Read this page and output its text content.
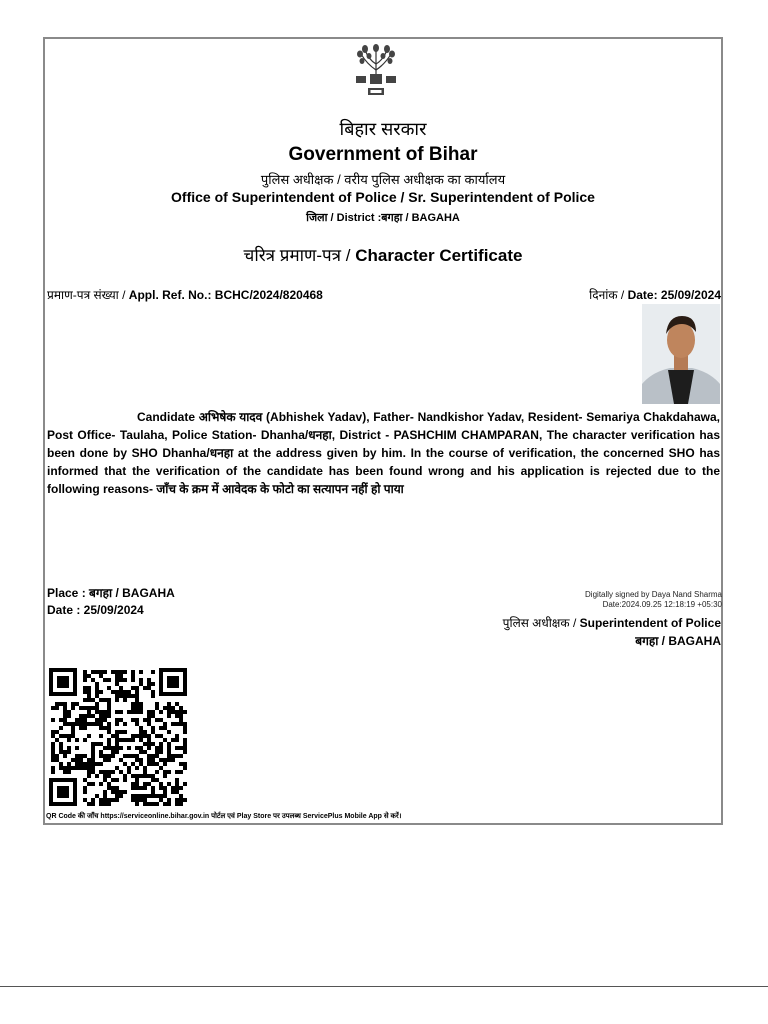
बिहार सरकार
Government of Bihar
पुलिस अधीक्षक / वरीय पुलिस अधीक्षक का कार्यालय
Office of Superintendent of Police / Sr. Superintendent of Police
जिला / District :बगहा / BAGAHA
चरित्र प्रमाण-पत्र / Character Certificate
प्रमाण-पत्र संख्या / Appl. Ref. No.: BCHC/2024/820468	दिनांक / Date: 25/09/2024
Candidate अभिषेक यादव (Abhishek Yadav), Father- Nandkishor Yadav, Resident- Semariya Chakdahawa, Post Office- Taulaha, Police Station- Dhanha/धनहा, District - PASHCHIM CHAMPARAN, The character verification has been done by SHO Dhanha/धनहा at the address given by him. In the course of verification, the concerned SHO has informed that the verification of the candidate has been found wrong and his application is rejected due to the following reasons- जाँच के क्रम में आवेदक के फोटो का सत्यापन नहीं हो पाया
Place : बगहा / BAGAHA
Date : 25/09/2024
Digitally signed by Daya Nand Sharma
Date:2024.09.25 12:18:19 +05:30
पुलिस अधीक्षक / Superintendent of Police
बगहा / BAGAHA
QR Code की जाँच https://serviceonline.bihar.gov.in पोर्टल एवं Play Store पर उपलब्ध ServicePlus Mobile App से करें।
